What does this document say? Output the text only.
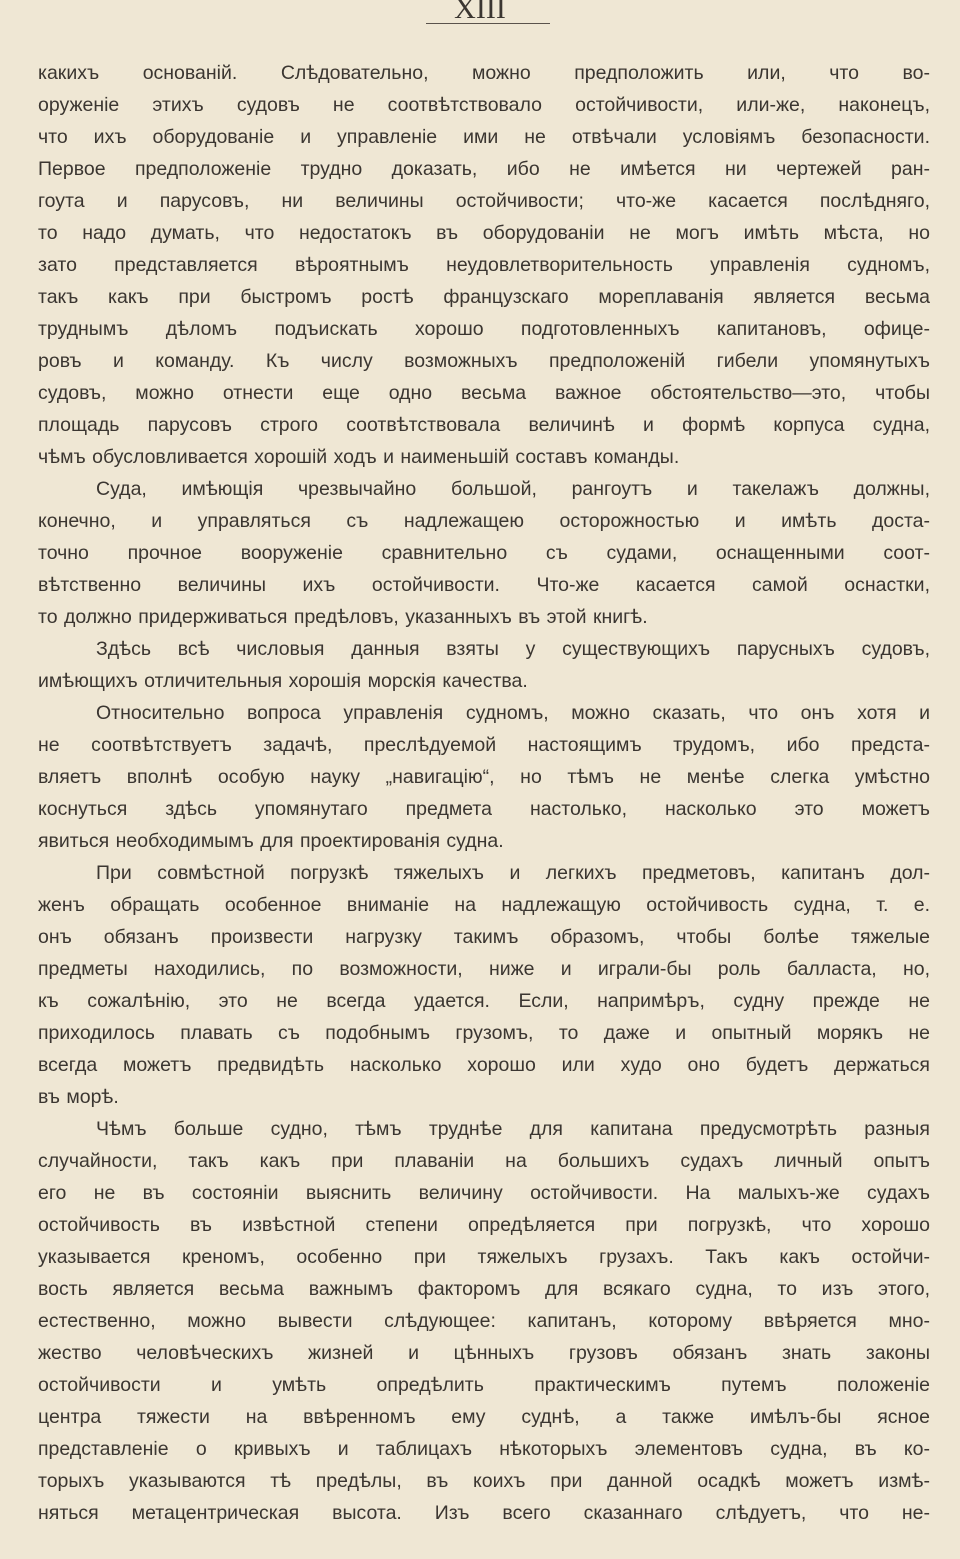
XIII
какихъ основаній. Слѣдовательно, можно предположить или, что во-
оруженіе этихъ судовъ не соотвѣтствовало остойчивости, или-же, наконецъ,
что ихъ оборудованіе и управленіе ими не отвѣчали условіямъ безопасности.
Первое предположеніе трудно доказать, ибо не имѣется ни чертежей ран-
гоута и парусовъ, ни величины остойчивости; что-же касается послѣдняго,
то надо думать, что недостатокъ въ оборудованіи не могъ имѣть мѣста, но
зато представляется вѣроятнымъ неудовлетворительность управленія судномъ,
такъ какъ при быстромъ ростѣ французскаго мореплаванія является весьма
труднымъ дѣломъ подъискать хорошо подготовленныхъ капитановъ, офице-
ровъ и команду. Къ числу возможныхъ предположеній гибели упомянутыхъ
судовъ, можно отнести еще одно весьма важное обстоятельство—это, чтобы
площадь парусовъ строго соотвѣтствовала величинѣ и формѣ корпуса судна,
чѣмъ обусловливается хорошій ходъ и наименьшій составъ команды.
Суда, имѣющія чрезвычайно большой, рангоутъ и такелажъ должны,
конечно, и управляться съ надлежащею осторожностью и имѣть доста-
точно прочное вооруженіе сравнительно съ судами, оснащенными соот-
вѣтственно величины ихъ остойчивости. Что-же касается самой оснастки,
то должно придерживаться предѣловъ, указанныхъ въ этой книгѣ.
Здѣсь всѣ числовыя данныя взяты у существующихъ парусныхъ судовъ,
имѣющихъ отличительныя хорошія морскія качества.
Относительно вопроса управленія судномъ, можно сказать, что онъ хотя и
не соотвѣтствуетъ задачѣ, преслѣдуемой настоящимъ трудомъ, ибо предста-
вляетъ вполнѣ особую науку „навигацію“, но тѣмъ не менѣе слегка умѣстно
коснуться здѣсь упомянутаго предмета настолько, насколько это можетъ
явиться необходимымъ для проектированія судна.
При совмѣстной погрузкѣ тяжелыхъ и легкихъ предметовъ, капитанъ дол-
женъ обращать особенное вниманіе на надлежащую остойчивость судна, т. е.
онъ обязанъ произвести нагрузку такимъ образомъ, чтобы болѣе тяжелые
предметы находились, по возможности, ниже и играли-бы роль балласта, но,
къ сожалѣнію, это не всегда удается. Если, напримѣръ, судну прежде не
приходилось плавать съ подобнымъ грузомъ, то даже и опытный морякъ не
всегда можетъ предвидѣть насколько хорошо или худо оно будетъ держаться
въ морѣ.
Чѣмъ больше судно, тѣмъ труднѣе для капитана предусмотрѣть разныя
случайности, такъ какъ при плаваніи на большихъ судахъ личный опытъ
его не въ состояніи выяснить величину остойчивости. На малыхъ-же судахъ
остойчивость въ извѣстной степени опредѣляется при погрузкѣ, что хорошо
указывается креномъ, особенно при тяжелыхъ грузахъ. Такъ какъ остойчи-
вость является весьма важнымъ факторомъ для всякаго судна, то изъ этого,
естественно, можно вывести слѣдующее: капитанъ, которому ввѣряется мно-
жество человѣческихъ жизней и цѣнныхъ грузовъ обязанъ знать законы
остойчивости и умѣть опредѣлить практическимъ путемъ положеніе
центра тяжести на ввѣренномъ ему суднѣ, а также имѣлъ-бы ясное
представленіе о кривыхъ и таблицахъ нѣкоторыхъ элементовъ судна, въ ко-
торыхъ указываются тѣ предѣлы, въ коихъ при данной осадкѣ можетъ измѣ-
няться метацентрическая высота. Изъ всего сказаннаго слѣдуетъ, что не-
